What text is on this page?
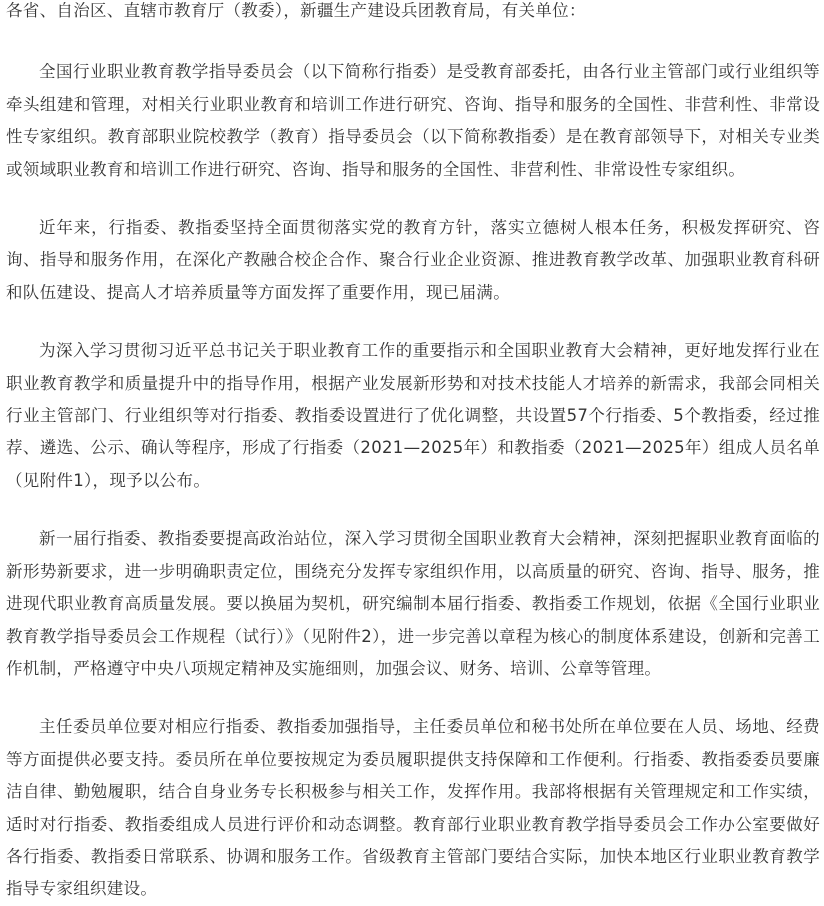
各省、自治区、直辖市教育厅（教委），新疆生产建设兵团教育局，有关单位：

全国行业职业教育教学指导委员会（以下简称行指委）是受教育部委托，由各行业主管部门或行业组织等牵头组建和管理，对相关行业职业教育和培训工作进行研究、咨询、指导和服务的全国性、非营利性、非常设性专家组织。教育部职业院校教学（教育）指导委员会（以下简称教指委）是在教育部领导下，对相关专业类或领域职业教育和培训工作进行研究、咨询、指导和服务的全国性、非营利性、非常设性专家组织。

近年来，行指委、教指委坚持全面贯彻落实党的教育方针，落实立德树人根本任务，积极发挥研究、咨询、指导和服务作用，在深化产教融合校企合作、聚合行业企业资源、推进教育教学改革、加强职业教育科研和队伍建设、提高人才培养质量等方面发挥了重要作用，现已届满。

为深入学习贯彻习近平总书记关于职业教育工作的重要指示和全国职业教育大会精神，更好地发挥行业在职业教育教学和质量提升中的指导作用，根据产业发展新形势和对技术技能人才培养的新需求，我部会同相关行业主管部门、行业组织等对行指委、教指委设置进行了优化调整，共设置57个行指委、5个教指委，经过推荐、遴选、公示、确认等程序，形成了行指委（2021—2025年）和教指委（2021—2025年）组成人员名单（见附件1），现予以公布。

新一届行指委、教指委要提高政治站位，深入学习贯彻全国职业教育大会精神，深刻把握职业教育面临的新形势新要求，进一步明确职责定位，围绕充分发挥专家组织作用，以高质量的研究、咨询、指导、服务，推进现代职业教育高质量发展。要以换届为契机，研究编制本届行指委、教指委工作规划，依据《全国行业职业教育教学指导委员会工作规程（试行）》（见附件2），进一步完善以章程为核心的制度体系建设，创新和完善工作机制，严格遵守中央八项规定精神及实施细则，加强会议、财务、培训、公章等管理。

主任委员单位要对相应行指委、教指委加强指导，主任委员单位和秘书处所在单位要在人员、场地、经费等方面提供必要支持。委员所在单位要按规定为委员履职提供支持保障和工作便利。行指委、教指委委员要廉洁自律、勤勉履职，结合自身业务专长积极参与相关工作，发挥作用。我部将根据有关管理规定和工作实绩，适时对行指委、教指委组成人员进行评价和动态调整。教育部行业职业教育教学指导委员会工作办公室要做好各行指委、教指委日常联系、协调和服务工作。省级教育主管部门要结合实际，加快本地区行业职业教育教学指导专家组织建设。
